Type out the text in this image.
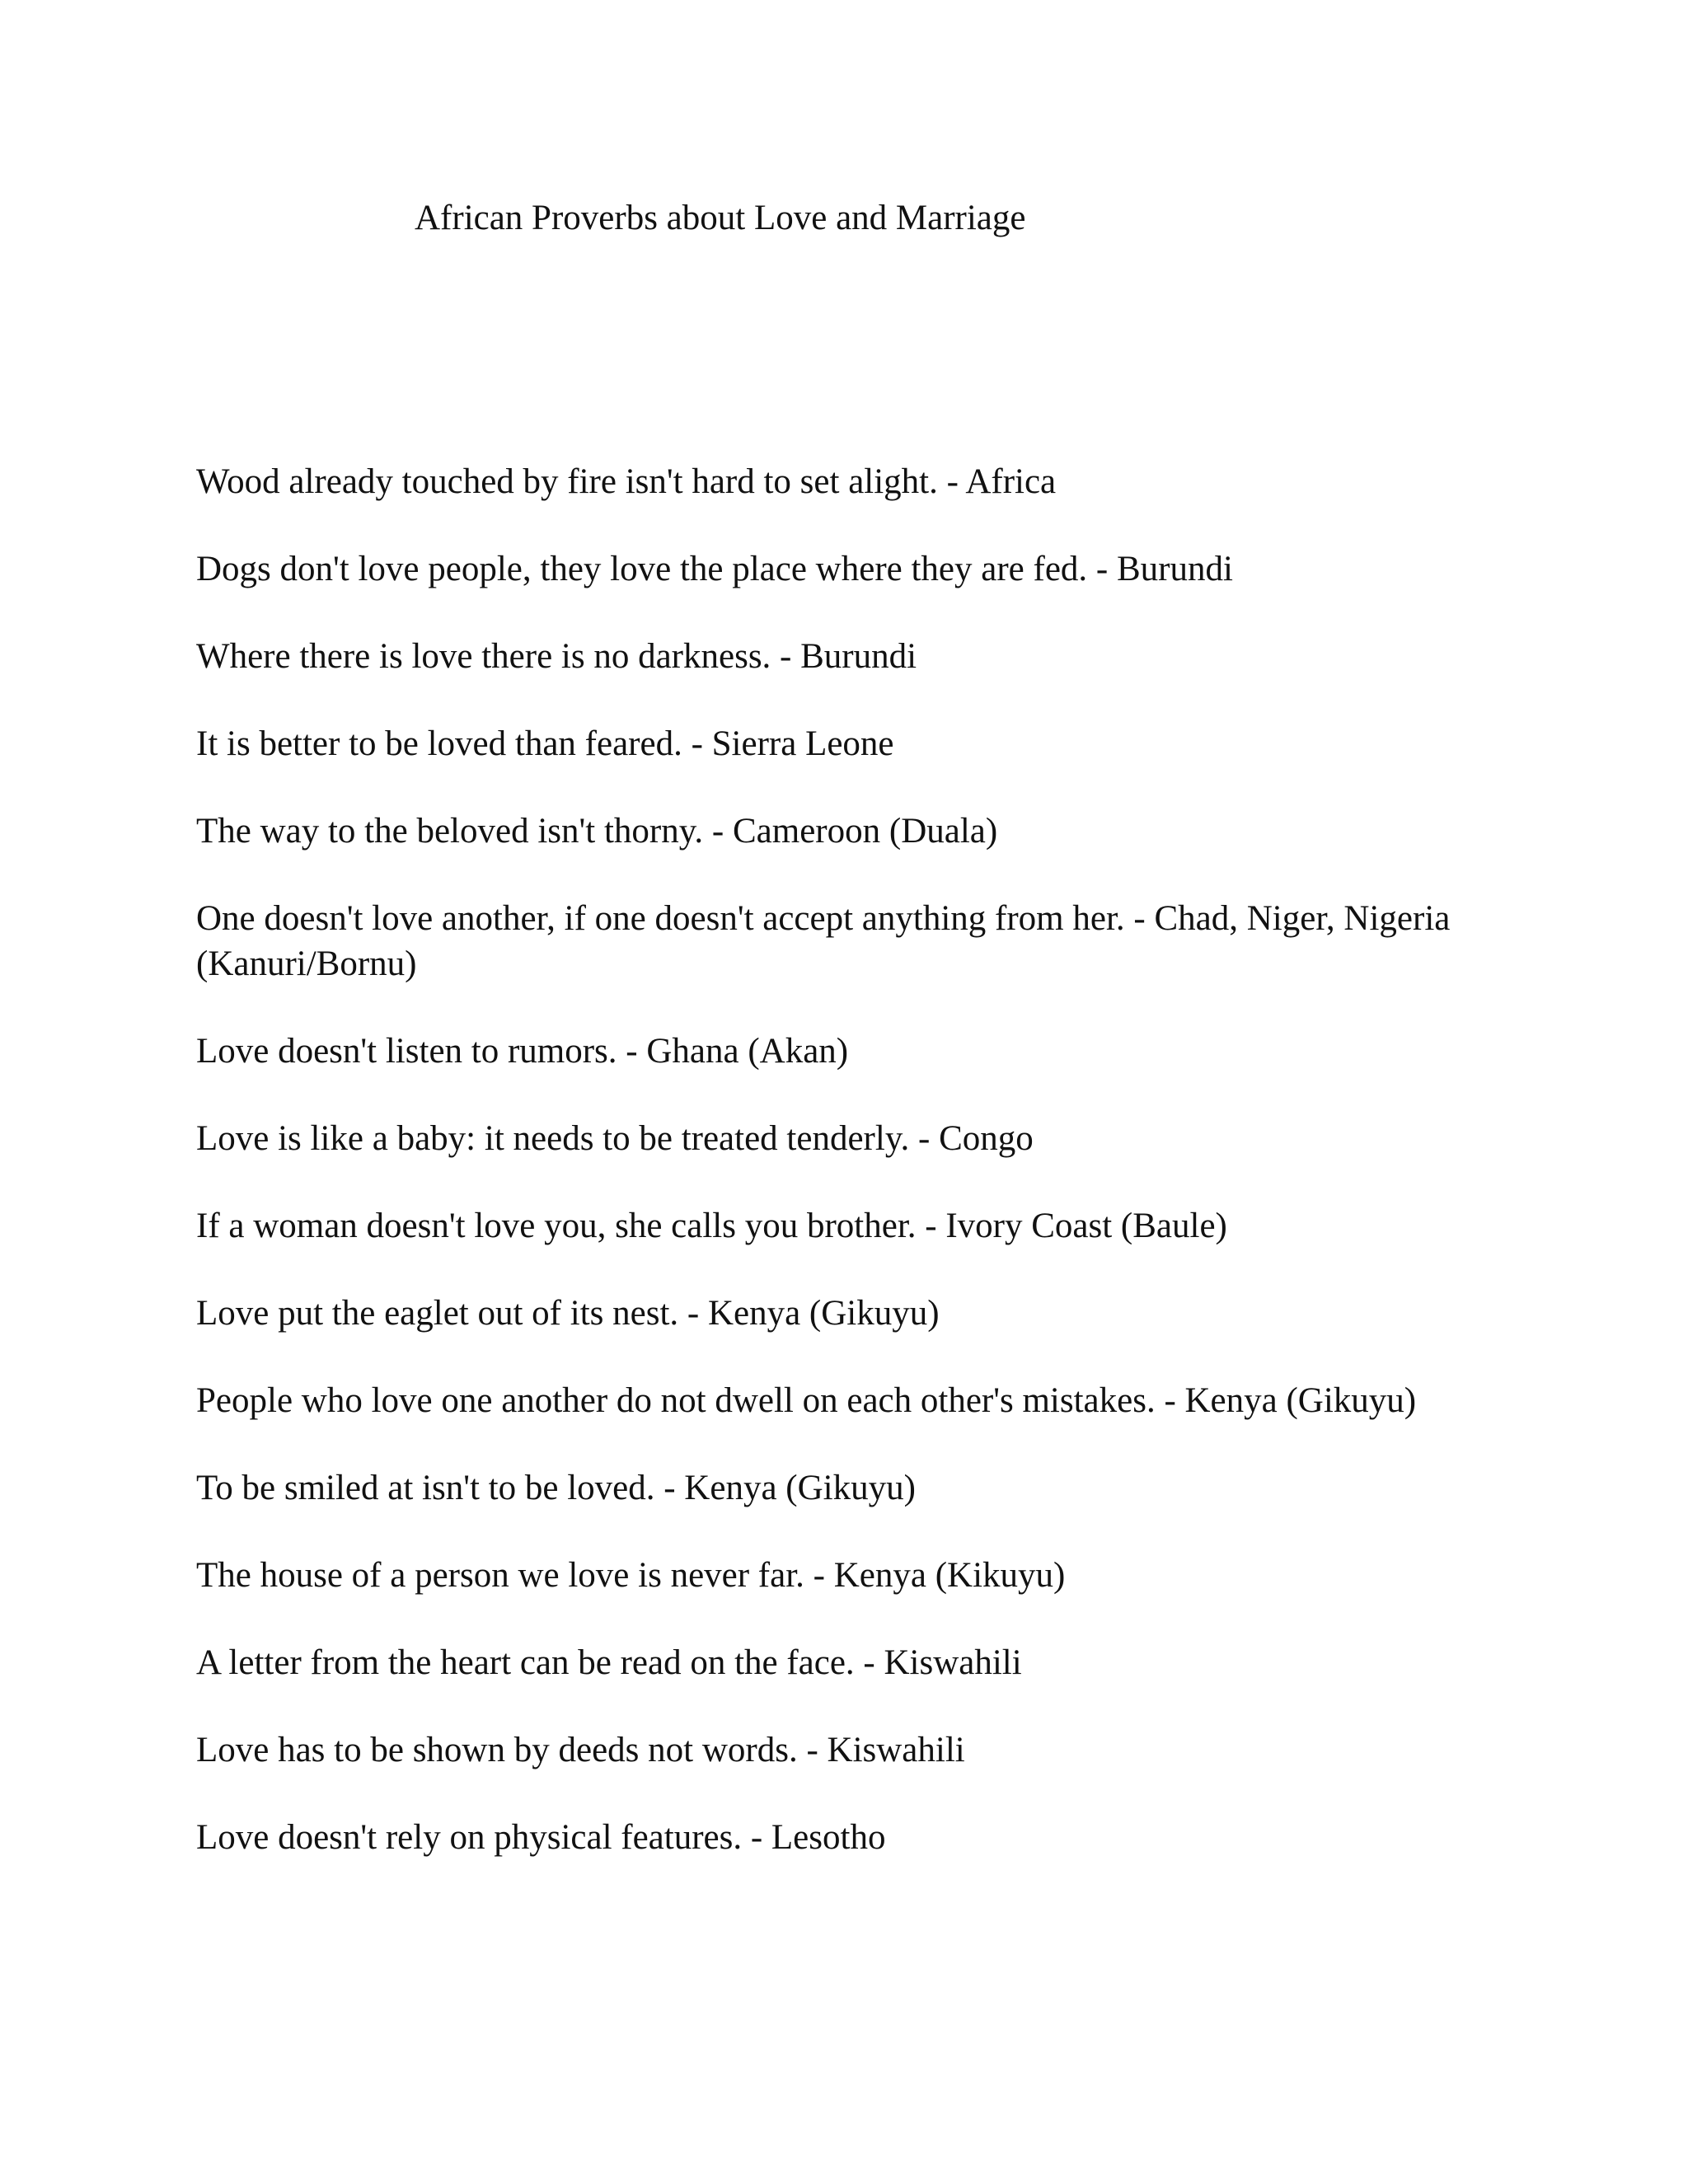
African Proverbs about Love and Marriage
Wood already touched by fire isn't hard to set alight. - Africa
Dogs don't love people, they love the place where they are fed. - Burundi
Where there is love there is no darkness. - Burundi
It is better to be loved than feared. - Sierra Leone
The way to the beloved isn't thorny. - Cameroon (Duala)
One doesn't love another, if one doesn't accept anything from her. - Chad, Niger, Nigeria (Kanuri/Bornu)
Love doesn't listen to rumors. - Ghana (Akan)
Love is like a baby: it needs to be treated tenderly. - Congo
If a woman doesn't love you, she calls you brother. - Ivory Coast (Baule)
Love put the eaglet out of its nest. - Kenya (Gikuyu)
People who love one another do not dwell on each other's mistakes. - Kenya (Gikuyu)
To be smiled at isn't to be loved. - Kenya (Gikuyu)
The house of a person we love is never far. - Kenya (Kikuyu)
A letter from the heart can be read on the face. - Kiswahili
Love has to be shown by deeds not words. - Kiswahili
Love doesn't rely on physical features. - Lesotho
